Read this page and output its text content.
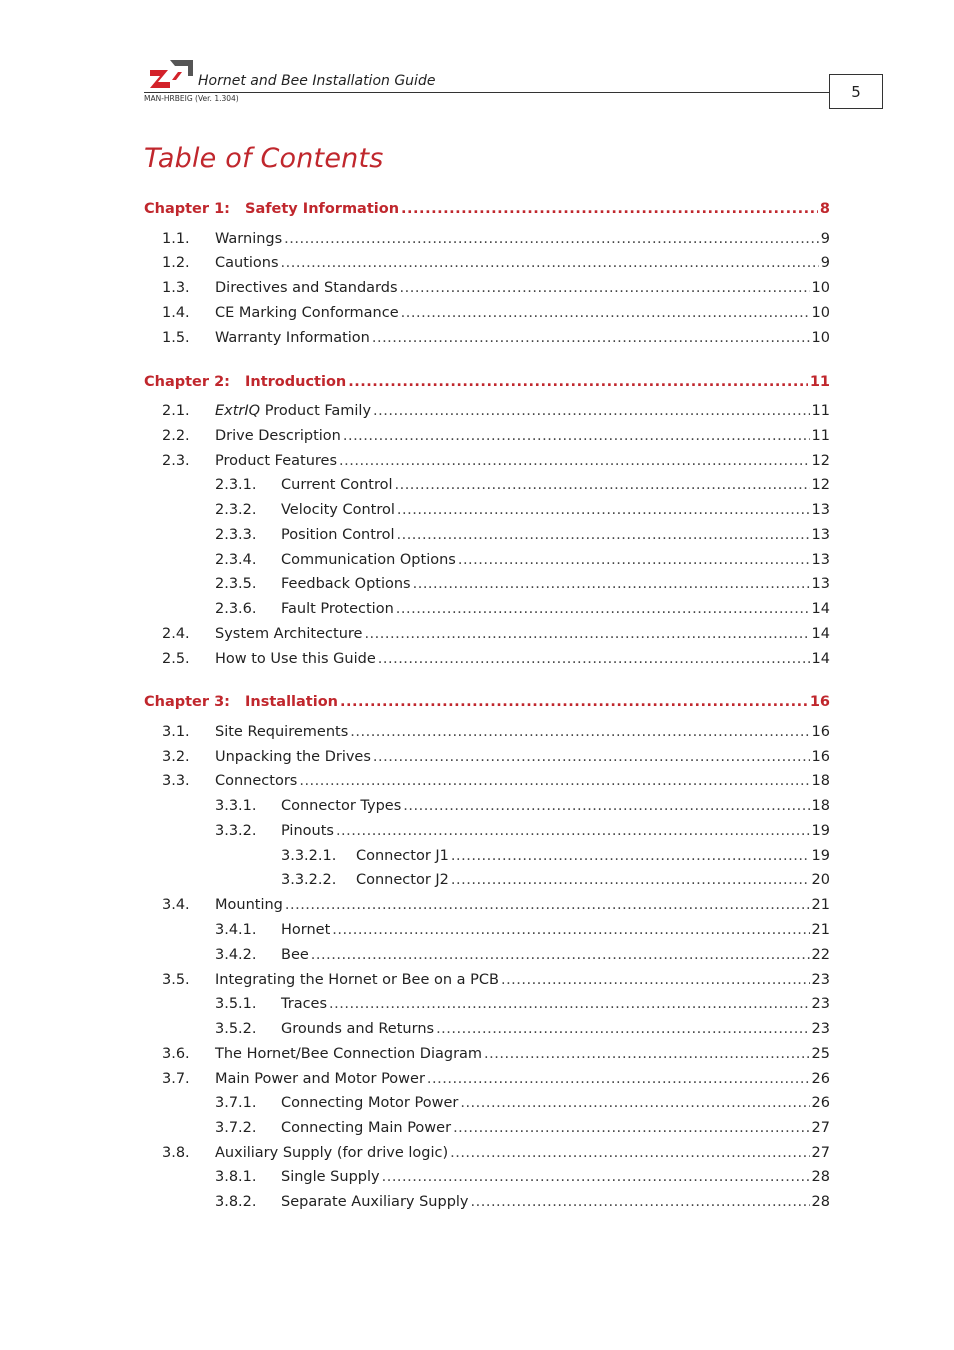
Hornet and Bee Installation Guide
MAN-HRBEIG (Ver. 1.304)	5
Table of Contents
Chapter 1: Safety Information .....	8
1.1. Warnings .....	9
1.2. Cautions .....	9
1.3. Directives and Standards .....	10
1.4. CE Marking Conformance .....	10
1.5. Warranty Information .....	10
Chapter 2: Introduction .....	11
2.1. ExtrIQ Product Family .....	11
2.2. Drive Description .....	11
2.3. Product Features .....	12
2.3.1. Current Control .....	12
2.3.2. Velocity Control .....	13
2.3.3. Position Control .....	13
2.3.4. Communication Options .....	13
2.3.5. Feedback Options .....	13
2.3.6. Fault Protection .....	14
2.4. System Architecture .....	14
2.5. How to Use this Guide .....	14
Chapter 3: Installation .....	16
3.1. Site Requirements .....	16
3.2. Unpacking the Drives .....	16
3.3. Connectors .....	18
3.3.1. Connector Types .....	18
3.3.2. Pinouts .....	19
3.3.2.1. Connector J1 .....	19
3.3.2.2. Connector J2 .....	20
3.4. Mounting .....	21
3.4.1. Hornet .....	21
3.4.2. Bee .....	22
3.5. Integrating the Hornet or Bee on a PCB .....	23
3.5.1. Traces .....	23
3.5.2. Grounds and Returns .....	23
3.6. The Hornet/Bee Connection Diagram .....	25
3.7. Main Power and Motor Power .....	26
3.7.1. Connecting Motor Power .....	26
3.7.2. Connecting Main Power .....	27
3.8. Auxiliary Supply (for drive logic) .....	27
3.8.1. Single Supply .....	28
3.8.2. Separate Auxiliary Supply .....	28
